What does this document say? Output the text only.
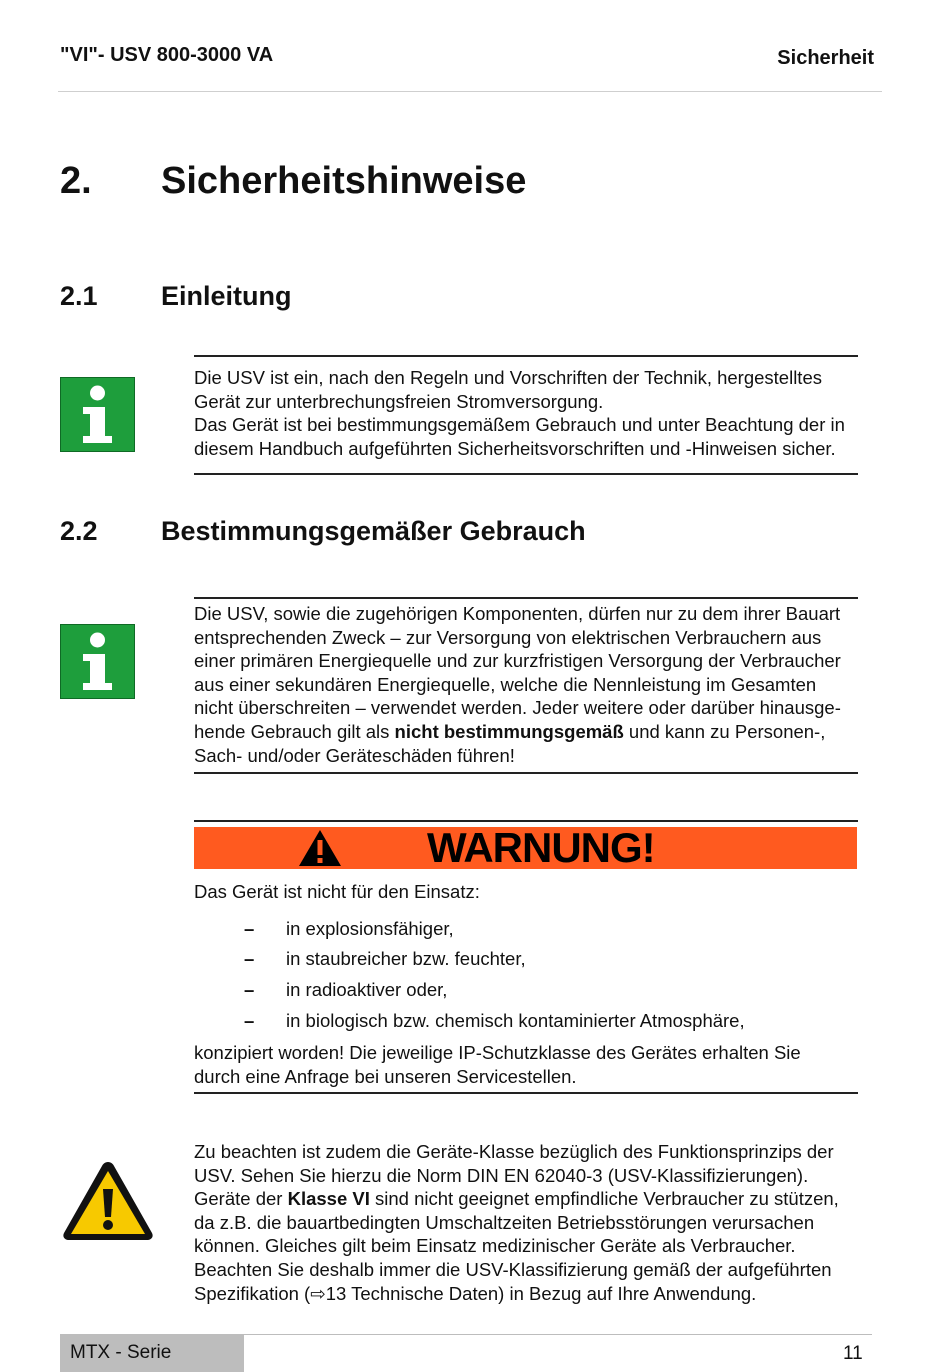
"VI"- USV 800-3000 VA	Sicherheit
2. Sicherheitshinweise
2.1 Einleitung
Die USV ist ein, nach den Regeln und Vorschriften der Technik, hergestelltes
Gerät zur unterbrechungsfreien Stromversorgung.
Das Gerät ist bei bestimmungsgemäßem Gebrauch und unter Beachtung der in
diesem Handbuch aufgeführten Sicherheitsvorschriften und -Hinweisen sicher.
2.2 Bestimmungsgemäßer Gebrauch
Die USV, sowie die zugehörigen Komponenten, dürfen nur zu dem ihrer Bauart
entsprechenden Zweck – zur Versorgung von elektrischen Verbrauchern aus
einer primären Energiequelle und zur kurzfristigen Versorgung der Verbraucher
aus einer sekundären Energiequelle, welche die Nennleistung im Gesamten
nicht überschreiten – verwendet werden. Jeder weitere oder darüber hinausge-
hende Gebrauch gilt als nicht bestimmungsgemäß und kann zu Personen-,
Sach- und/oder Geräteschäden führen!
WARNUNG!
Das Gerät ist nicht für den Einsatz:
– in explosionsfähiger,
– in staubreicher bzw. feuchter,
– in radioaktiver oder,
– in biologisch bzw. chemisch kontaminierter Atmosphäre,
konzipiert worden! Die jeweilige IP-Schutzklasse des Gerätes erhalten Sie
durch eine Anfrage bei unseren Servicestellen.
Zu beachten ist zudem die Geräte-Klasse bezüglich des Funktionsprinzips der
USV. Sehen Sie hierzu die Norm DIN EN 62040-3 (USV-Klassifizierungen).
Geräte der Klasse VI sind nicht geeignet empfindliche Verbraucher zu stützen,
da z.B. die bauartbedingten Umschaltzeiten Betriebsstörungen verursachen
können. Gleiches gilt beim Einsatz medizinischer Geräte als Verbraucher.
Beachten Sie deshalb immer die USV-Klassifizierung gemäß der aufgeführten
Spezifikation (⇨13 Technische Daten) in Bezug auf Ihre Anwendung.
MTX - Serie	11
